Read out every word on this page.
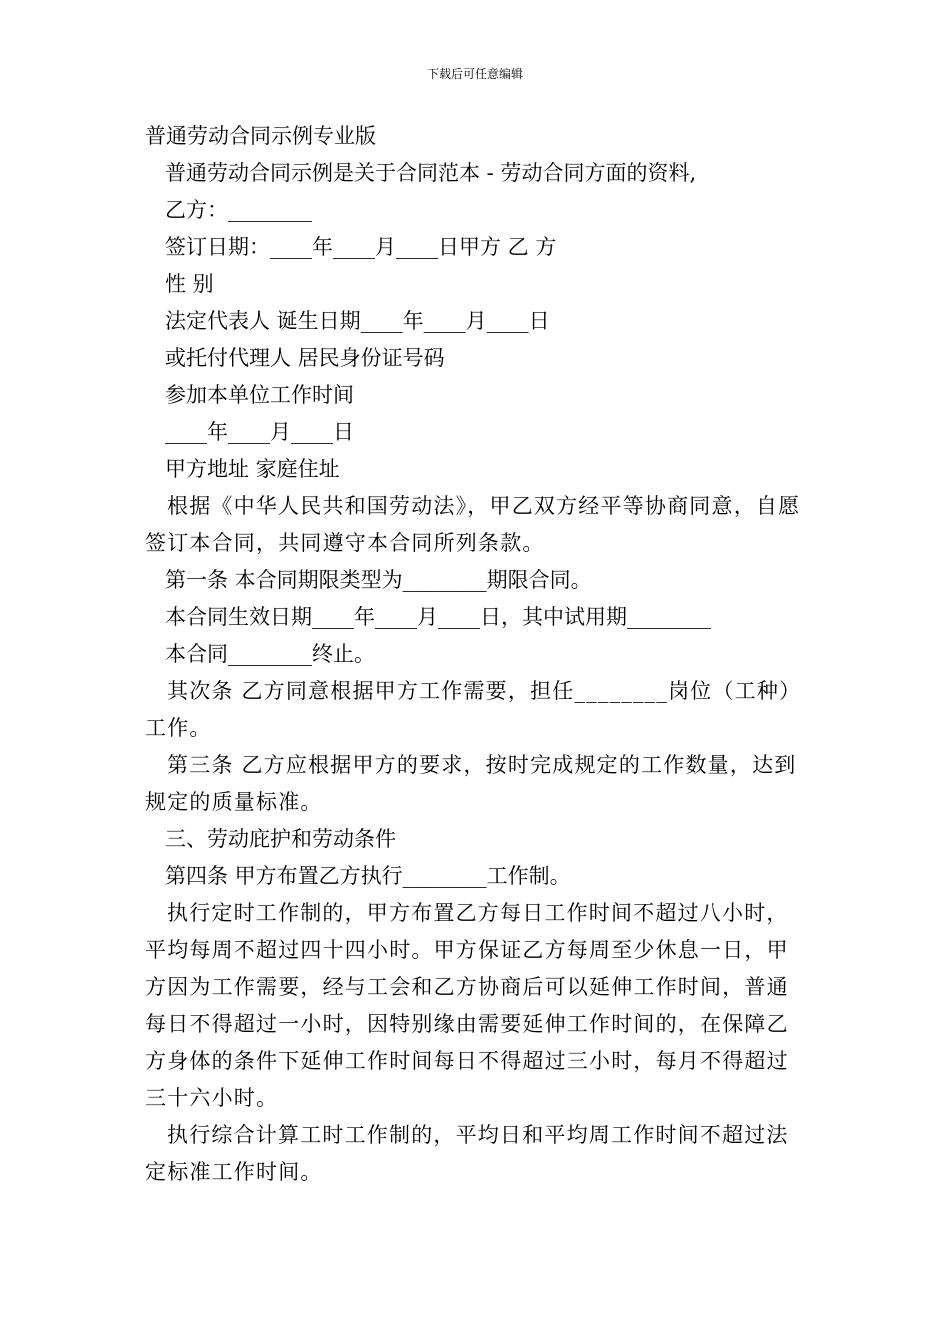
下载后可任意编辑
普通劳动合同示例专业版
普通劳动合同示例是关于合同范本 - 劳动合同方面的资料,
乙方：________
签订日期：____年____月____日甲方 乙 方
性 别
法定代表人 诞生日期____年____月____日
或托付代理人 居民身份证号码
参加本单位工作时间
____年____月____日
甲方地址 家庭住址

根据《中华人民共和国劳动法》，甲乙双方经平等协商同意，自愿签订本合同，共同遵守本合同所列条款。

第一条 本合同期限类型为________期限合同。
本合同生效日期____年____月____日，其中试用期________
本合同________终止。

其次条 乙方同意根据甲方工作需要，担任________岗位（工种）工作。

第三条 乙方应根据甲方的要求，按时完成规定的工作数量，达到规定的质量标准。

三、劳动庇护和劳动条件
第四条 甲方布置乙方执行________工作制。

执行定时工作制的，甲方布置乙方每日工作时间不超过八小时，平均每周不超过四十四小时。甲方保证乙方每周至少休息一日，甲方因为工作需要，经与工会和乙方协商后可以延伸工作时间，普通每日不得超过一小时，因特别缘由需要延伸工作时间的，在保障乙方身体的条件下延伸工作时间每日不得超过三小时，每月不得超过三十六小时。

执行综合计算工时工作制的，平均日和平均周工作时间不超过法定标准工作时间。
